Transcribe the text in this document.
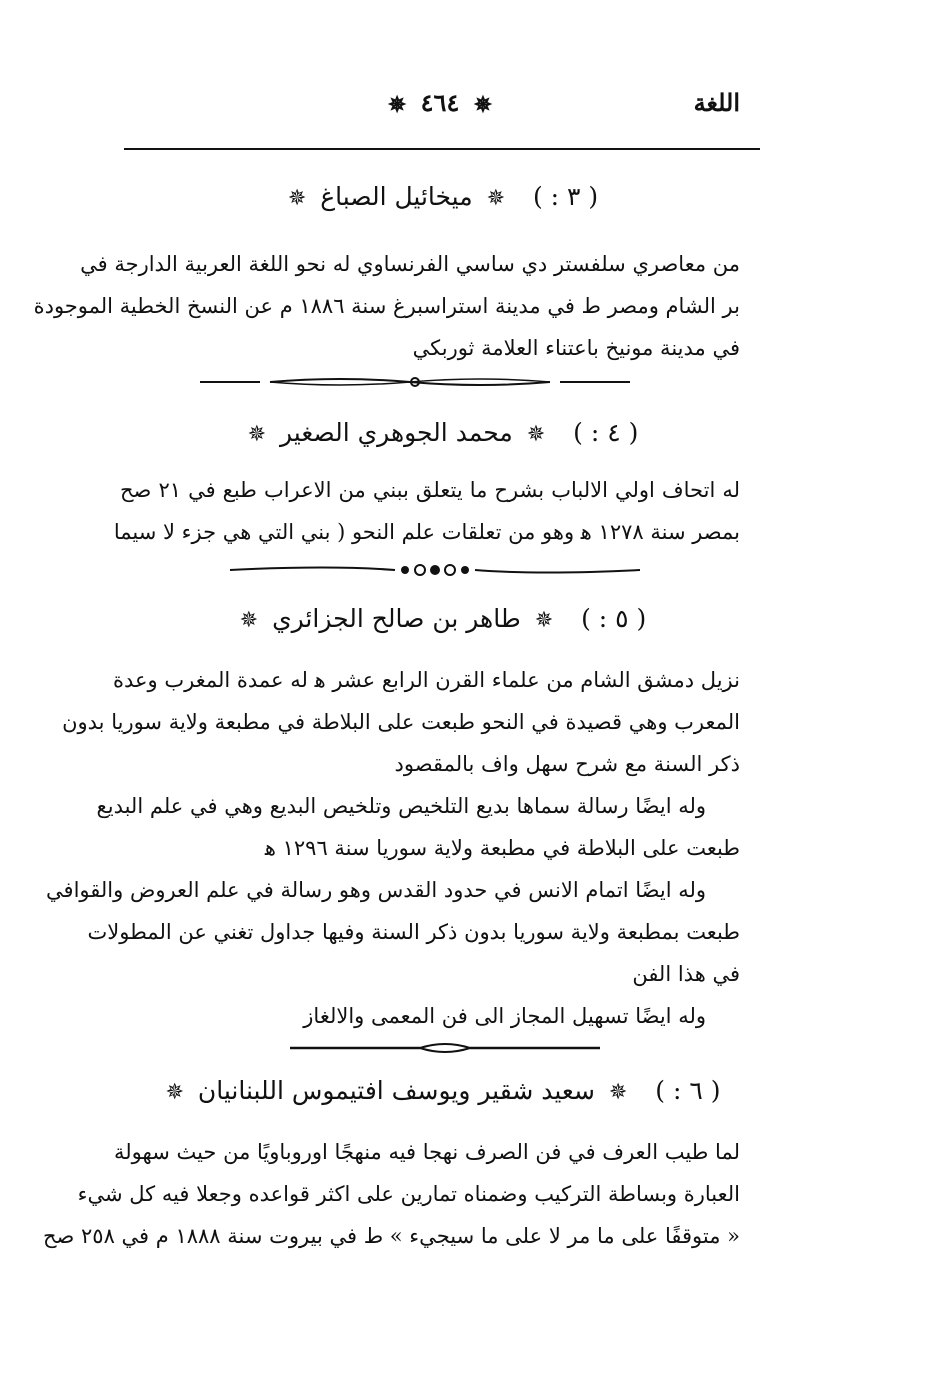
اللغة
✵ ٤٦٤ ✵
( ٣ : ) ✵ ميخائيل الصباغ ✵
من معاصري سلفستر دي ساسي الفرنساوي له نحو اللغة العربية الدارجة في
بر الشام ومصر ط في مدينة استراسبرغ سنة ١٨٨٦ م عن النسخ الخطية الموجودة
في مدينة مونيخ باعتناء العلامة ثوربكي
( ٤ : ) ✵ محمد الجوهري الصغير ✵
له اتحاف اولي الالباب بشرح ما يتعلق ببني من الاعراب طبع في ٢١ صح
بمصر سنة ١٢٧٨ ﻫ وهو من تعلقات علم النحو ( بني التي هي جزء لا سيما
( ٥ : ) ✵ طاهر بن صالح الجزائري ✵
نزيل دمشق الشام من علماء القرن الرابع عشر ﻫ له عمدة المغرب وعدة
المعرب وهي قصيدة في النحو طبعت على البلاطة في مطبعة ولاية سوريا بدون
ذكر السنة مع شرح سهل واف بالمقصود
وله ايضًا رسالة سماها بديع التلخيص وتلخيص البديع وهي في علم البديع
طبعت على البلاطة في مطبعة ولاية سوريا سنة ١٢٩٦ ﻫ
وله ايضًا اتمام الانس في حدود القدس وهو رسالة في علم العروض والقوافي
طبعت بمطبعة ولاية سوريا بدون ذكر السنة وفيها جداول تغني عن المطولات
في هذا الفن
وله ايضًا تسهيل المجاز الى فن المعمى والالغاز
( ٦ : ) ✵ سعيد شقير ويوسف افتيموس اللبنانيان ✵
لما طيب العرف في فن الصرف نهجا فيه منهجًا اوروباويًا من حيث سهولة
العبارة وبساطة التركيب وضمناه تمارين على اكثر قواعده وجعلا فيه كل شيء
« متوقفًا على ما مر لا على ما سيجيء » ط في بيروت سنة ١٨٨٨ م في ٢٥٨ صح
